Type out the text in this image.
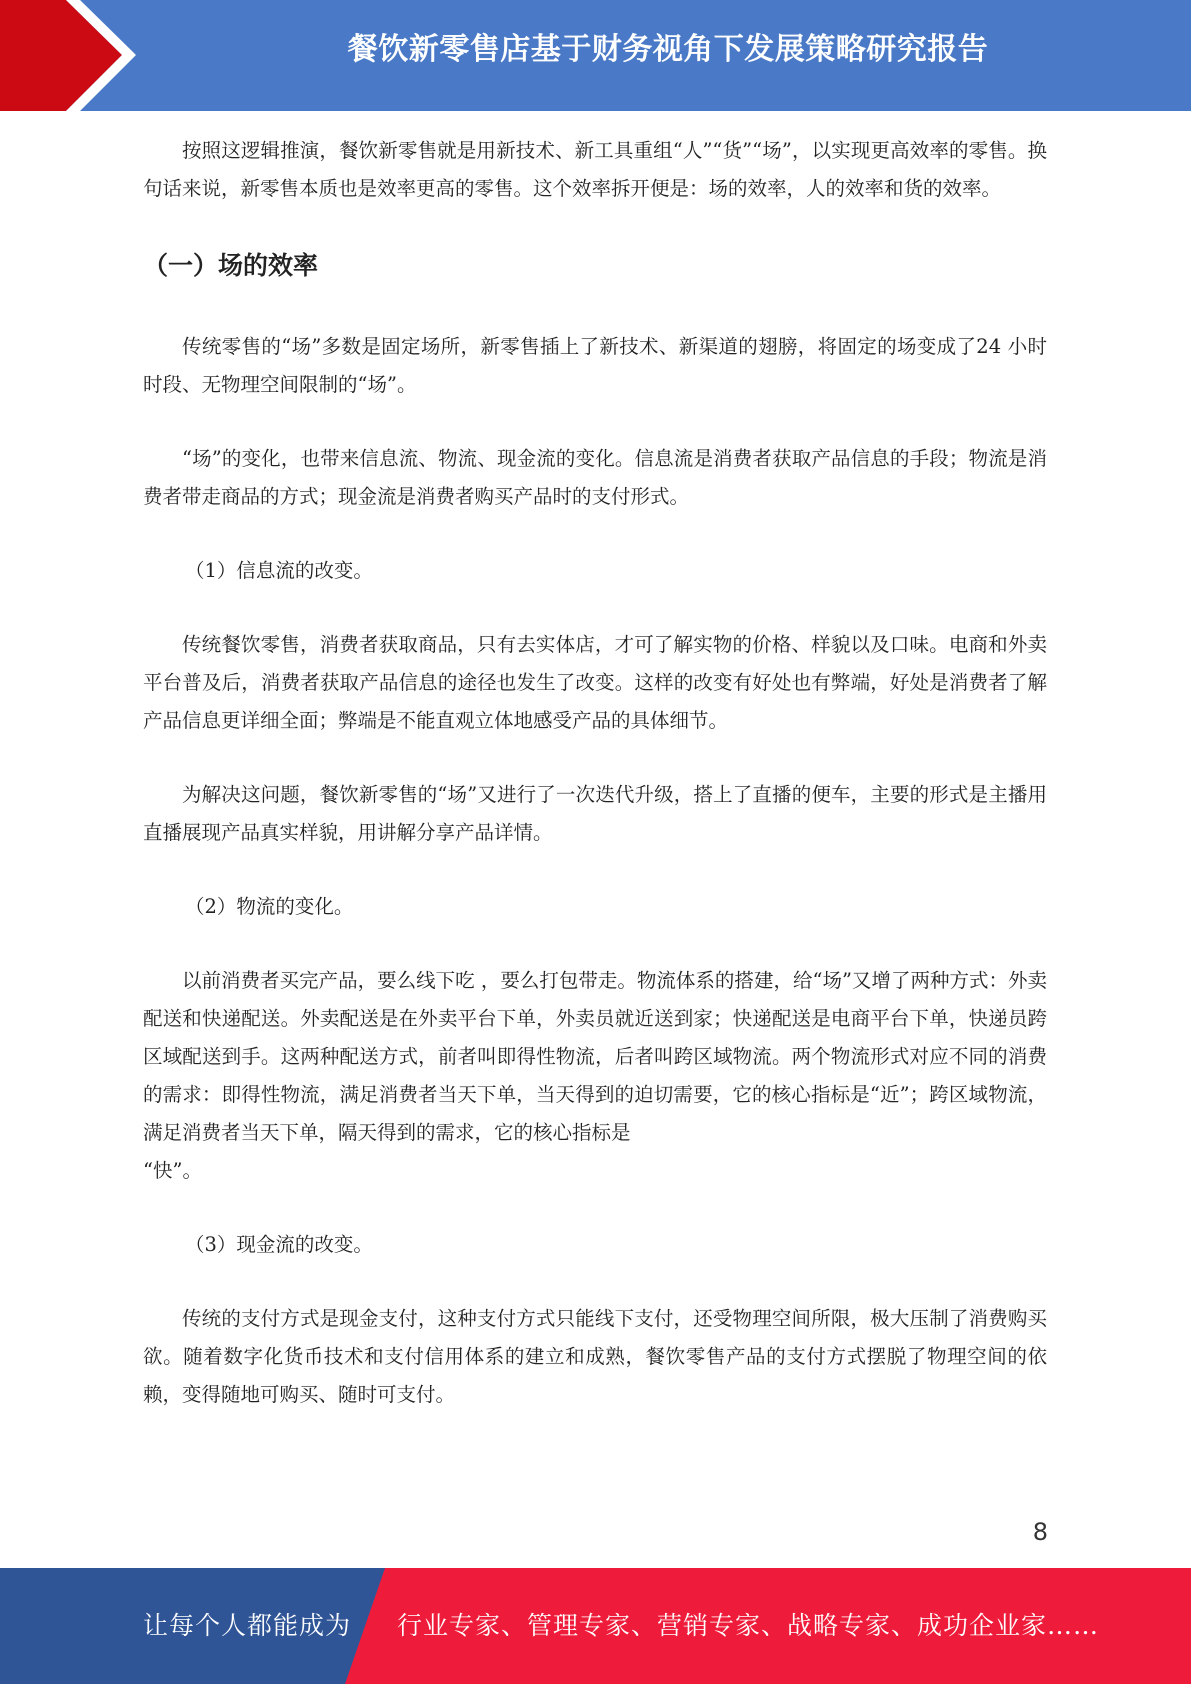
餐饮新零售店基于财务视角下发展策略研究报告

按照这逻辑推演，餐饮新零售就是用新技术、新工具重组“人”“货”“场”，以实现更高效率的零售。换句话来说，新零售本质也是效率更高的零售。这个效率拆开便是：场的效率，人的效率和货的效率。

（一）场的效率

传统零售的“场”多数是固定场所，新零售插上了新技术、新渠道的翅膀，将固定的场变成了24 小时时段、无物理空间限制的“场”。

“场”的变化，也带来信息流、物流、现金流的变化。信息流是消费者获取产品信息的手段；物流是消费者带走商品的方式；现金流是消费者购买产品时的支付形式。

（1）信息流的改变。

传统餐饮零售，消费者获取商品，只有去实体店，才可了解实物的价格、样貌以及口味。电商和外卖平台普及后，消费者获取产品信息的途径也发生了改变。这样的改变有好处也有弊端，好处是消费者了解产品信息更详细全面；弊端是不能直观立体地感受产品的具体细节。

为解决这问题，餐饮新零售的“场”又进行了一次迭代升级，搭上了直播的便车，主要的形式是主播用直播展现产品真实样貌，用讲解分享产品详情。

（2）物流的变化。

以前消费者买完产品，要么线下吃 ，要么打包带走。物流体系的搭建，给“场”又增了两种方式：外卖配送和快递配送。外卖配送是在外卖平台下单，外卖员就近送到家；快递配送是电商平台下单，快递员跨区域配送到手。这两种配送方式，前者叫即得性物流，后者叫跨区域物流。两个物流形式对应不同的消费的需求：即得性物流，满足消费者当天下单，当天得到的迫切需要，它的核心指标是“近”；跨区域物流，满足消费者当天下单，隔天得到的需求，它的核心指标是

“快”。

（3）现金流的改变。

传统的支付方式是现金支付，这种支付方式只能线下支付，还受物理空间所限，极大压制了消费购买欲。随着数字化货币技术和支付信用体系的建立和成熟，餐饮零售产品的支付方式摆脱了物理空间的依赖，变得随地可购买、随时可支付。

8
让每个人都能成为 行业专家、管理专家、营销专家、战略专家、成功企业家……
